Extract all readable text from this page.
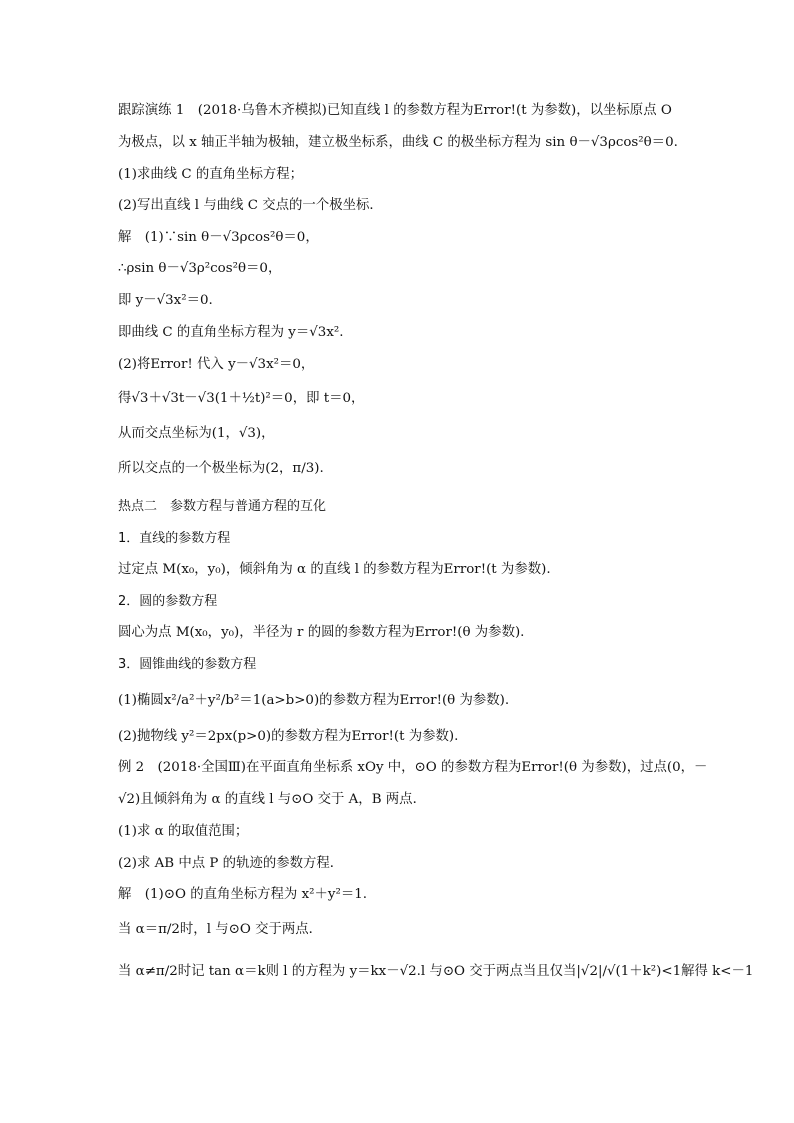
跟踪演练 1　(2018·乌鲁木齐模拟)已知直线 l 的参数方程为Error!(t 为参数)，以坐标原点 O
为极点，以 x 轴正半轴为极轴，建立极坐标系，曲线 C 的极坐标方程为 sin θ－√3ρcos²θ＝0.
(1)求曲线 C 的直角坐标方程；
(2)写出直线 l 与曲线 C 交点的一个极坐标．
解　(1)∵sin θ－√3ρcos²θ＝0，
∴ρsin θ－√3ρ²cos²θ＝0，
即 y－√3x²＝0.
即曲线 C 的直角坐标方程为 y＝√3x².
(2)将Error! 代入 y－√3x²＝0，
得√3＋√3t－√3(1＋½t)²＝0，即 t＝0，
从而交点坐标为(1，√3)，
所以交点的一个极坐标为(2，π/3).
热点二　参数方程与普通方程的互化
1．直线的参数方程
过定点 M(x₀，y₀)，倾斜角为 α 的直线 l 的参数方程为Error!(t 为参数).
2．圆的参数方程
圆心为点 M(x₀，y₀)，半径为 r 的圆的参数方程为Error!(θ 为参数).
3．圆锥曲线的参数方程
(1)椭圆x²/a²＋y²/b²＝1(a>b>0)的参数方程为Error!(θ 为参数).
(2)抛物线 y²＝2px(p>0)的参数方程为Error!(t 为参数).
例 2　(2018·全国Ⅲ)在平面直角坐标系 xOy 中，⊙O 的参数方程为Error!(θ 为参数)，过点(0，－
√2)且倾斜角为 α 的直线 l 与⊙O 交于 A，B 两点．
(1)求 α 的取值范围；
(2)求 AB 中点 P 的轨迹的参数方程．
解　(1)⊙O 的直角坐标方程为 x²＋y²＝1.
当 α＝π/2时，l 与⊙O 交于两点．
当 α≠π/2时记 tan α＝k则 l 的方程为 y＝kx－√2.l 与⊙O 交于两点当且仅当|√2|/√(1＋k²)<1解得 k<－1
